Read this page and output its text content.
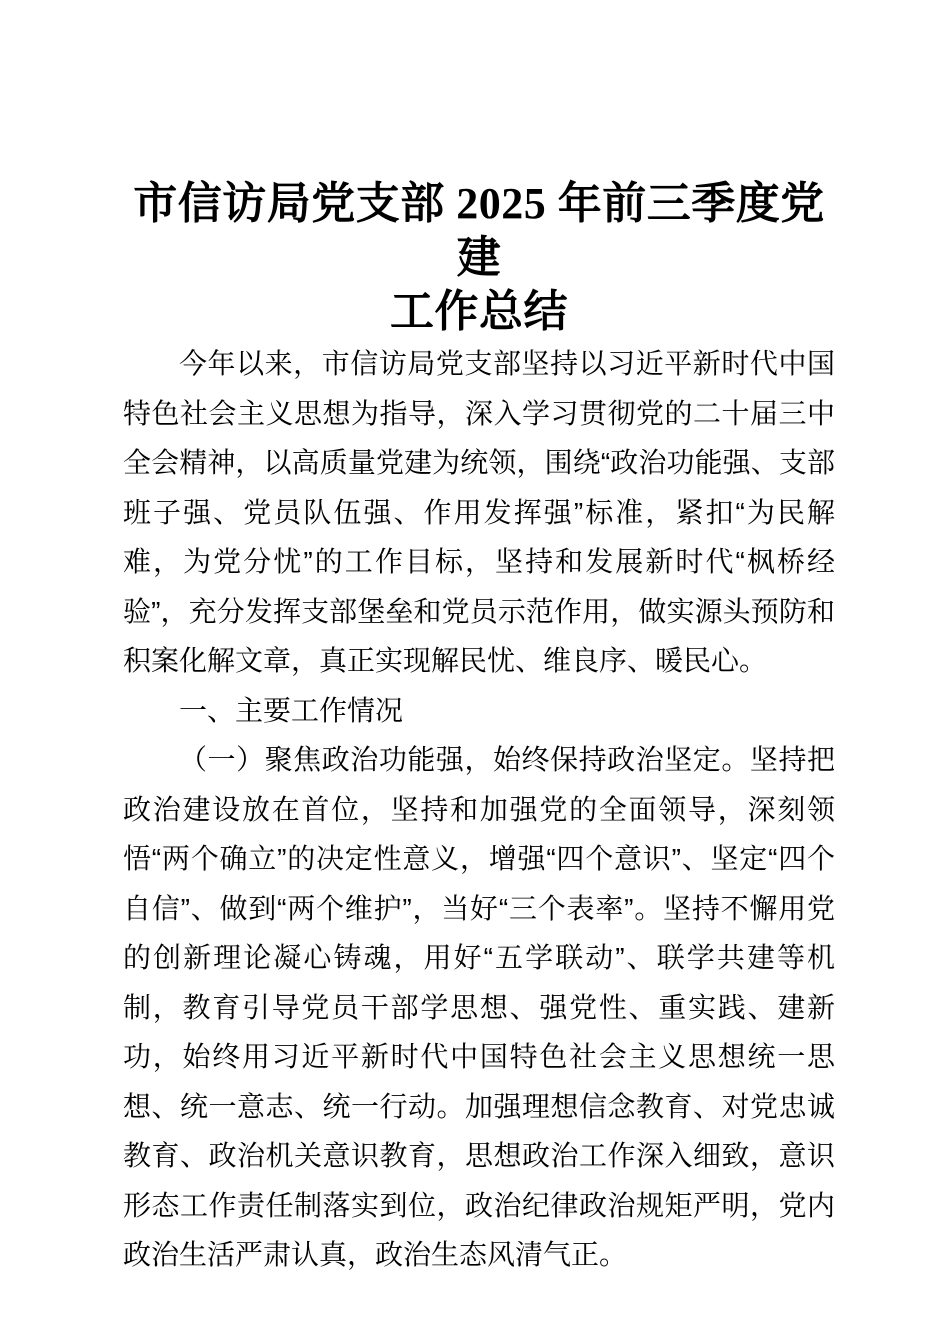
市信访局党支部 2025 年前三季度党建
工作总结

今年以来，市信访局党支部坚持以习近平新时代中国特色社会主义思想为指导，深入学习贯彻党的二十届三中全会精神，以高质量党建为统领，围绕“政治功能强、支部班子强、党员队伍强、作用发挥强”标准，紧扣“为民解难，为党分忧”的工作目标，坚持和发展新时代“枫桥经验”，充分发挥支部堡垒和党员示范作用，做实源头预防和积案化解文章，真正实现解民忧、维良序、暖民心。

一、主要工作情况

（一）聚焦政治功能强，始终保持政治坚定。坚持把政治建设放在首位，坚持和加强党的全面领导，深刻领悟“两个确立”的决定性意义，增强“四个意识”、坚定“四个自信”、做到“两个维护”，当好“三个表率”。坚持不懈用党的创新理论凝心铸魂，用好“五学联动”、联学共建等机制，教育引导党员干部学思想、强党性、重实践、建新功，始终用习近平新时代中国特色社会主义思想统一思想、统一意志、统一行动。加强理想信念教育、对党忠诚教育、政治机关意识教育，思想政治工作深入细致，意识形态工作责任制落实到位，政治纪律政治规矩严明，党内政治生活严肃认真，政治生态风清气正。
